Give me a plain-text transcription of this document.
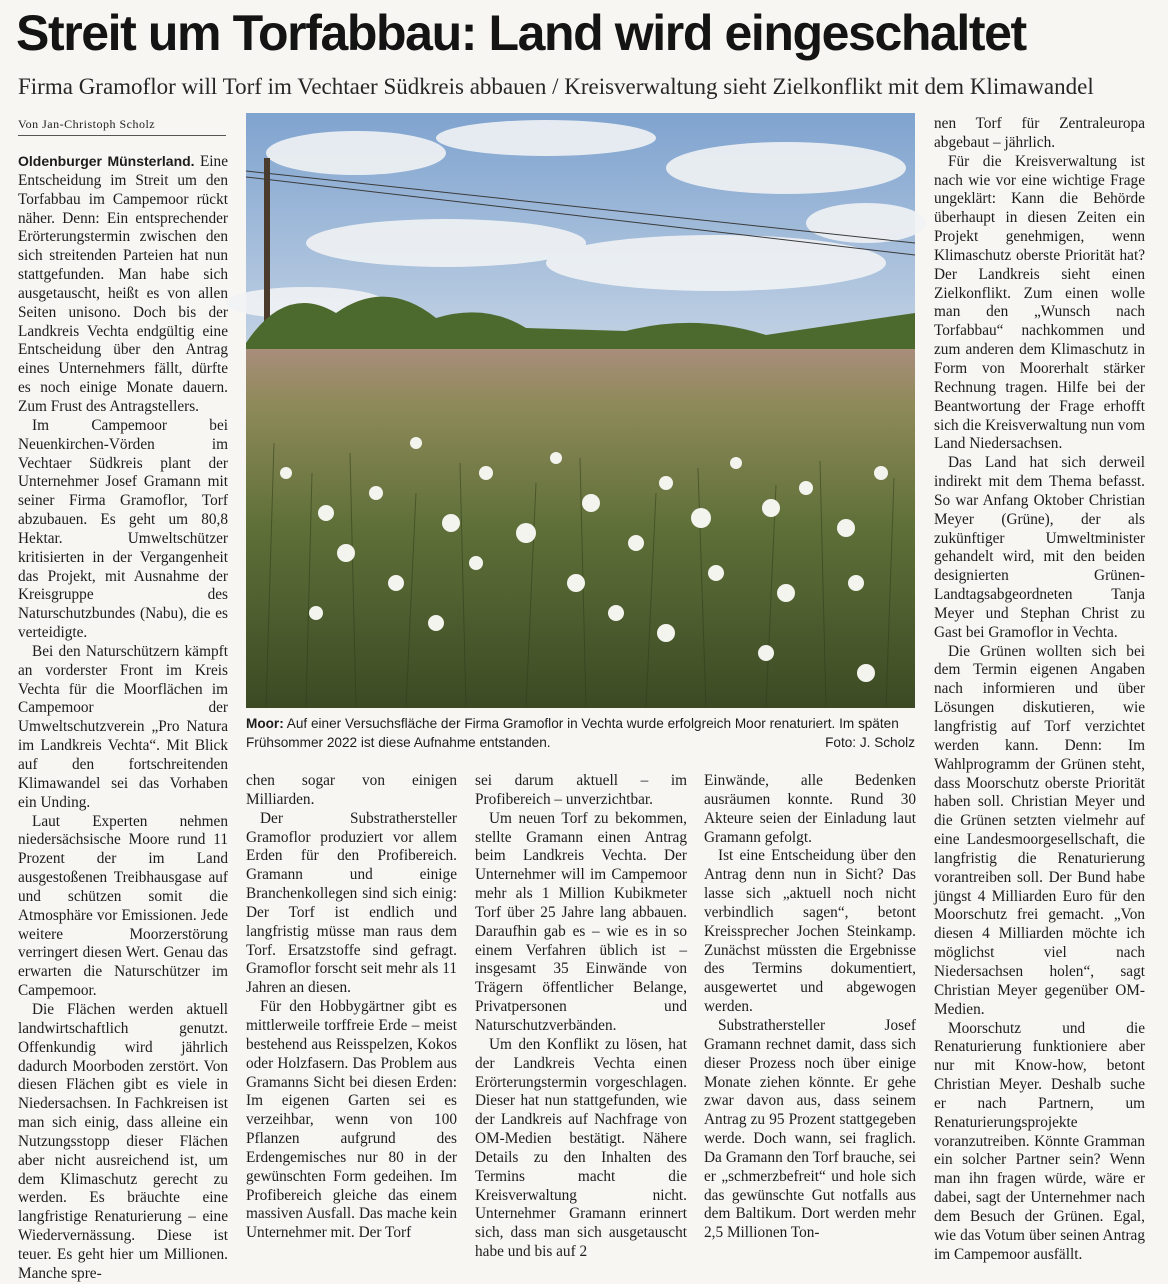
Streit um Torfabbau: Land wird eingeschaltet
Firma Gramoflor will Torf im Vechtaer Südkreis abbauen / Kreisverwaltung sieht Zielkonflikt mit dem Klimawandel
Von Jan-Christoph Scholz

Oldenburger Münsterland. Eine Entscheidung im Streit um den Torfabbau im Campemoor rückt näher. Denn: Ein entsprechender Erörterungstermin zwischen den sich streitenden Parteien hat nun stattgefunden. Man habe sich ausgetauscht, heißt es von allen Seiten unisono. Doch bis der Landkreis Vechta endgültig eine Entscheidung über den Antrag eines Unternehmers fällt, dürfte es noch einige Monate dauern. Zum Frust des Antragstellers.

Im Campemoor bei Neuenkirchen-Vörden im Vechtaer Südkreis plant der Unternehmer Josef Gramann mit seiner Firma Gramoflor, Torf abzubauen. Es geht um 80,8 Hektar. Umweltschützer kritisierten in der Vergangenheit das Projekt, mit Ausnahme der Kreisgruppe des Naturschutzbundes (Nabu), die es verteidigte.

Bei den Naturschützern kämpft an vorderster Front im Kreis Vechta für die Moorflächen im Campemoor der Umweltschutzverein „Pro Natura im Landkreis Vechta“. Mit Blick auf den fortschreitenden Klimawandel sei das Vorhaben ein Unding.

Laut Experten nehmen niedersächsische Moore rund 11 Prozent der im Land ausgestoßenen Treibhausgase auf und schützen somit die Atmosphäre vor Emissionen. Jede weitere Moorzerstörung verringert diesen Wert. Genau das erwarten die Naturschützer im Campemoor.

Die Flächen werden aktuell landwirtschaftlich genutzt. Offenkundig wird jährlich dadurch Moorboden zerstört. Von diesen Flächen gibt es viele in Niedersachsen. In Fachkreisen ist man sich einig, dass alleine ein Nutzungsstopp dieser Flächen aber nicht ausreichend ist, um dem Klimaschutz gerecht zu werden. Es bräuchte eine langfristige Renaturierung – eine Wiedervernässung. Diese ist teuer. Es geht hier um Millionen. Manche spre-

Moor: Auf einer Versuchsfläche der Firma Gramoflor in Vechta wurde erfolgreich Moor renaturiert. Im späten Frühsommer 2022 ist diese Aufnahme entstanden.	Foto: J. Scholz

chen sogar von einigen Milliarden.

Der Substrathersteller Gramoflor produziert vor allem Erden für den Profibereich. Gramann und einige Branchenkollegen sind sich einig: Der Torf ist endlich und langfristig müsse man raus dem Torf. Ersatzstoffe sind gefragt. Gramoflor forscht seit mehr als 11 Jahren an diesen.

Für den Hobbygärtner gibt es mittlerweile torffreie Erde – meist bestehend aus Reisspelzen, Kokos oder Holzfasern. Das Problem aus Gramanns Sicht bei diesen Erden: Im eigenen Garten sei es verzeihbar, wenn von 100 Pflanzen aufgrund des Erdengemisches nur 80 in der gewünschten Form gedeihen. Im Profibereich gleiche das einem massiven Ausfall. Das mache kein Unternehmer mit. Der Torf

sei darum aktuell – im Profibereich – unverzichtbar.

Um neuen Torf zu bekommen, stellte Gramann einen Antrag beim Landkreis Vechta. Der Unternehmer will im Campemoor mehr als 1 Million Kubikmeter Torf über 25 Jahre lang abbauen. Daraufhin gab es – wie es in so einem Verfahren üblich ist – insgesamt 35 Einwände von Trägern öffentlicher Belange, Privatpersonen und Naturschutzverbänden.

Um den Konflikt zu lösen, hat der Landkreis Vechta einen Erörterungstermin vorgeschlagen. Dieser hat nun stattgefunden, wie der Landkreis auf Nachfrage von OM-Medien bestätigt. Nähere Details zu den Inhalten des Termins macht die Kreisverwaltung nicht. Unternehmer Gramann erinnert sich, dass man sich ausgetauscht habe und bis auf 2

Einwände, alle Bedenken ausräumen konnte. Rund 30 Akteure seien der Einladung laut Gramann gefolgt.

Ist eine Entscheidung über den Antrag denn nun in Sicht? Das lasse sich „aktuell noch nicht verbindlich sagen“, betont Kreissprecher Jochen Steinkamp. Zunächst müssten die Ergebnisse des Termins dokumentiert, ausgewertet und abgewogen werden.

Substrathersteller Josef Gramann rechnet damit, dass sich dieser Prozess noch über einige Monate ziehen könnte. Er gehe zwar davon aus, dass seinem Antrag zu 95 Prozent stattgegeben werde. Doch wann, sei fraglich. Da Gramann den Torf brauche, sei er „schmerzbefreit“ und hole sich das gewünschte Gut notfalls aus dem Baltikum. Dort werden mehr 2,5 Millionen Ton-

nen Torf für Zentraleuropa abgebaut – jährlich.

Für die Kreisverwaltung ist nach wie vor eine wichtige Frage ungeklärt: Kann die Behörde überhaupt in diesen Zeiten ein Projekt genehmigen, wenn Klimaschutz oberste Priorität hat? Der Landkreis sieht einen Zielkonflikt. Zum einen wolle man den „Wunsch nach Torfabbau“ nachkommen und zum anderen dem Klimaschutz in Form von Moorerhalt stärker Rechnung tragen. Hilfe bei der Beantwortung der Frage erhofft sich die Kreisverwaltung nun vom Land Niedersachsen.

Das Land hat sich derweil indirekt mit dem Thema befasst. So war Anfang Oktober Christian Meyer (Grüne), der als zukünftiger Umweltminister gehandelt wird, mit den beiden designierten Grünen-Landtagsabgeordneten Tanja Meyer und Stephan Christ zu Gast bei Gramoflor in Vechta.

Die Grünen wollten sich bei dem Termin eigenen Angaben nach informieren und über Lösungen diskutieren, wie langfristig auf Torf verzichtet werden kann. Denn: Im Wahlprogramm der Grünen steht, dass Moorschutz oberste Priorität haben soll. Christian Meyer und die Grünen setzten vielmehr auf eine Landesmoorgesellschaft, die langfristig die Renaturierung vorantreiben soll. Der Bund habe jüngst 4 Milliarden Euro für den Moorschutz frei gemacht. „Von diesen 4 Milliarden möchte ich möglichst viel nach Niedersachsen holen“, sagt Christian Meyer gegenüber OM-Medien.

Moorschutz und die Renaturierung funktioniere aber nur mit Know-how, betont Christian Meyer. Deshalb suche er nach Partnern, um Renaturierungsprojekte voranzutreiben. Könnte Gramman ein solcher Partner sein? Wenn man ihn fragen würde, wäre er dabei, sagt der Unternehmer nach dem Besuch der Grünen. Egal, wie das Votum über seinen Antrag im Campemoor ausfällt.
